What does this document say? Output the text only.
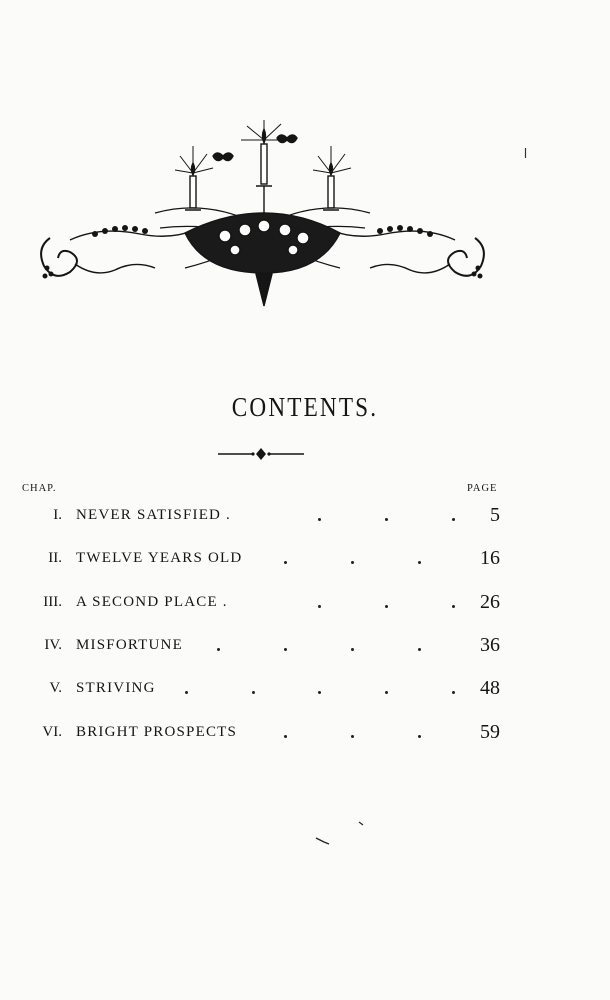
CONTENTS.
CHAP.	PAGE
I. NEVER SATISFIED .	5
II. TWELVE YEARS OLD	16
III. A SECOND PLACE .	26
IV. MISFORTUNE	36
V. STRIVING	48
VI. BRIGHT PROSPECTS	59
